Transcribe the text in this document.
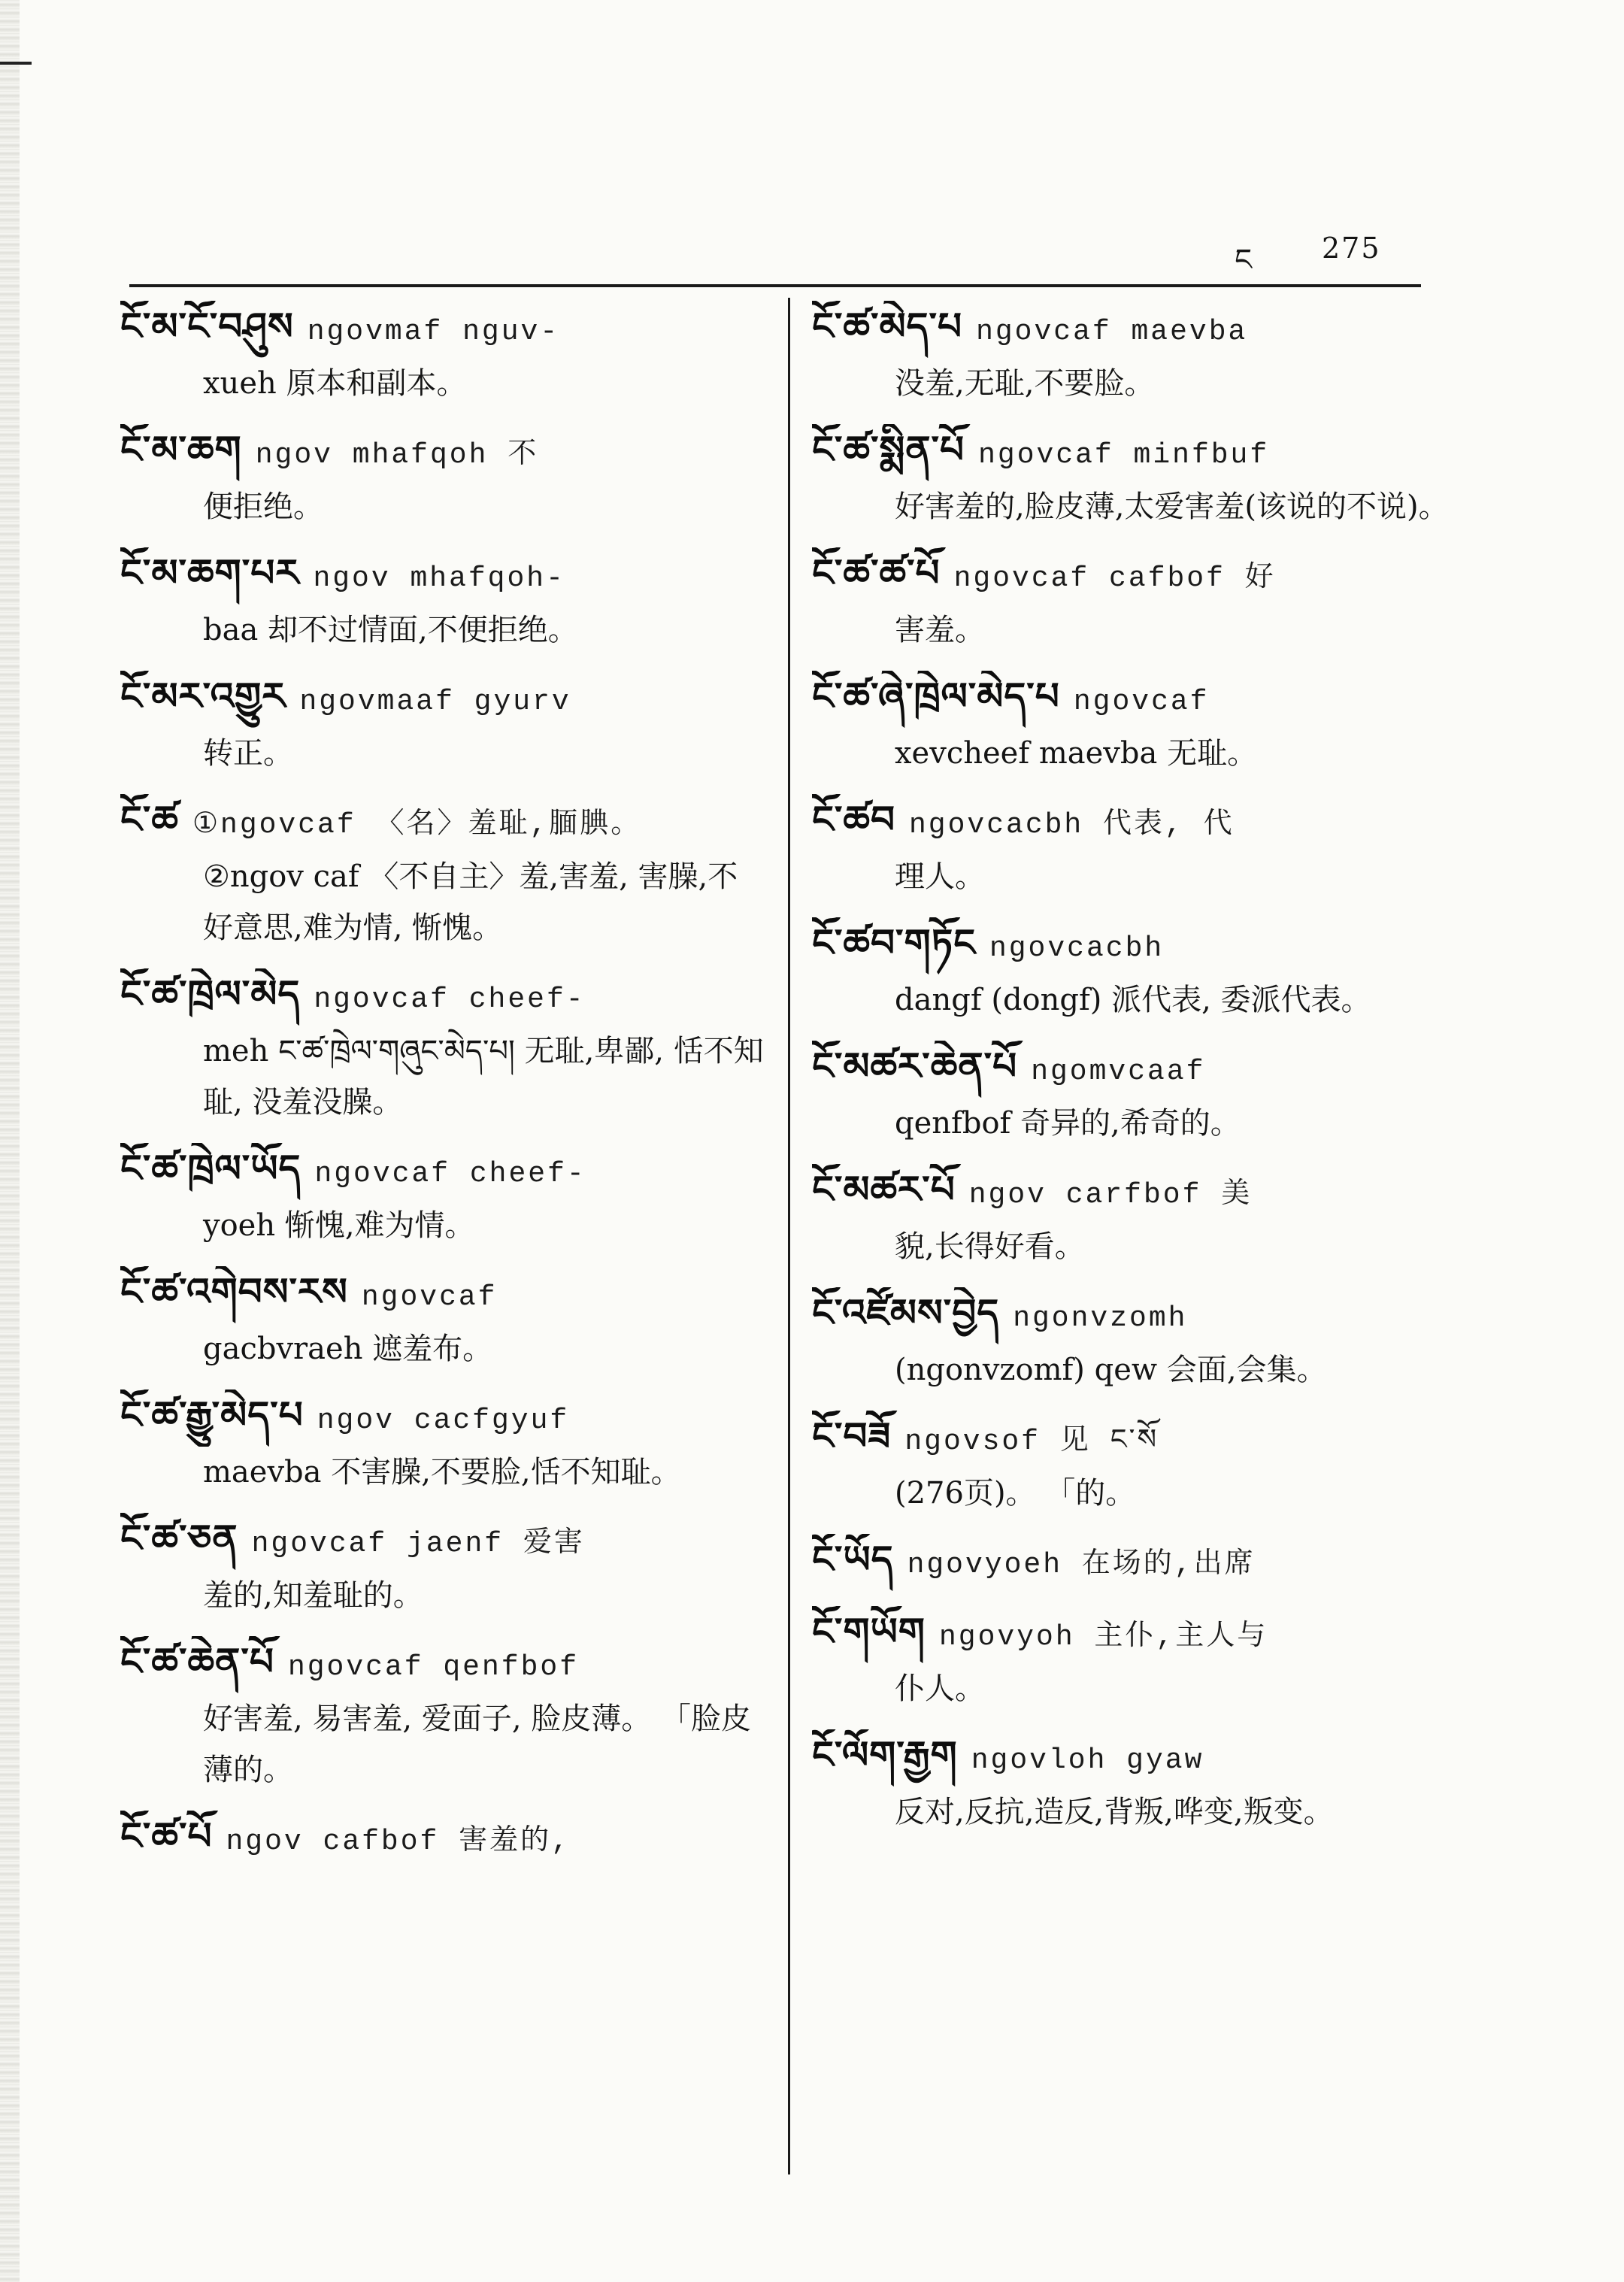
ང 275
ངོ་མ་ངོ་བཤུས ngovmaf nguv-
xueh 原本和副本。
ངོ་མ་ཆག ngov mhafqoh 不
便拒绝。
ངོ་མ་ཆག་པར ngov mhafqoh-
baa 却不过情面,不便拒绝。
ངོ་མར་འགྱུར ngovmaaf gyurv
转正。
ངོ་ཚ ①ngovcaf 〈名〉羞耻,腼腆。
②ngov caf 〈不自主〉羞,害羞, 害臊,不好意思,难为情, 惭愧。
ངོ་ཚ་ཁྲེལ་མེད ngovcaf cheef-
meh ང་ཚ་ཁྲེལ་གཞུང་མེད་པ། 无耻,卑鄙, 恬不知耻, 没羞没臊。
ངོ་ཚ་ཁྲེལ་ཡོད ngovcaf cheef-
yoeh 惭愧,难为情。
ངོ་ཚ་འགེབས་རས ngovcaf
gacbvraeh 遮羞布。
ངོ་ཚ་རྒྱུ་མེད་པ ngov cacfgyuf
maevba 不害臊,不要脸,恬不知耻。
ངོ་ཚ་ཅན ngovcaf jaenf 爱害
羞的,知羞耻的。
ངོ་ཚ་ཆེན་པོ ngovcaf qenfbof
好害羞, 易害羞, 爱面子, 脸皮薄。 「脸皮薄的。
ངོ་ཚ་པོ ngov cafbof 害羞的,
ངོ་ཚ་མེད་པ ngovcaf maevba
没羞,无耻,不要脸。
ངོ་ཚ་སྨིན་པོ ngovcaf minfbuf
好害羞的,脸皮薄,太爱害羞(该说的不说)。
ངོ་ཚ་ཚ་པོ ngovcaf cafbof 好
害羞。
ངོ་ཚ་ཞེ་ཁྲེལ་མེད་པ ngovcaf
xevcheef maevba 无耻。
ངོ་ཚབ ngovcacbh 代表, 代
理人。
ངོ་ཚབ་གཏོང ngovcacbh
dangf (dongf) 派代表, 委派代表。
ངོ་མཚར་ཆེན་པོ ngomvcaaf
qenfbof 奇异的,希奇的。
ངོ་མཚར་པོ ngov carfbof 美
貌,长得好看。
ངོ་འཛོམས་བྱེད ngonvzomh
(ngonvzomf) qew 会面,会集。
ངོ་བཟོ ngovsof 见 ང་སོ
(276页)。 「的。
ངོ་ཡོད ngovyoeh 在场的,出席
ངོ་གཡོག ngovyoh 主仆,主人与
仆人。
ངོ་ལོག་རྒྱག ngovloh gyaw
反对,反抗,造反,背叛,哗变,叛变。
